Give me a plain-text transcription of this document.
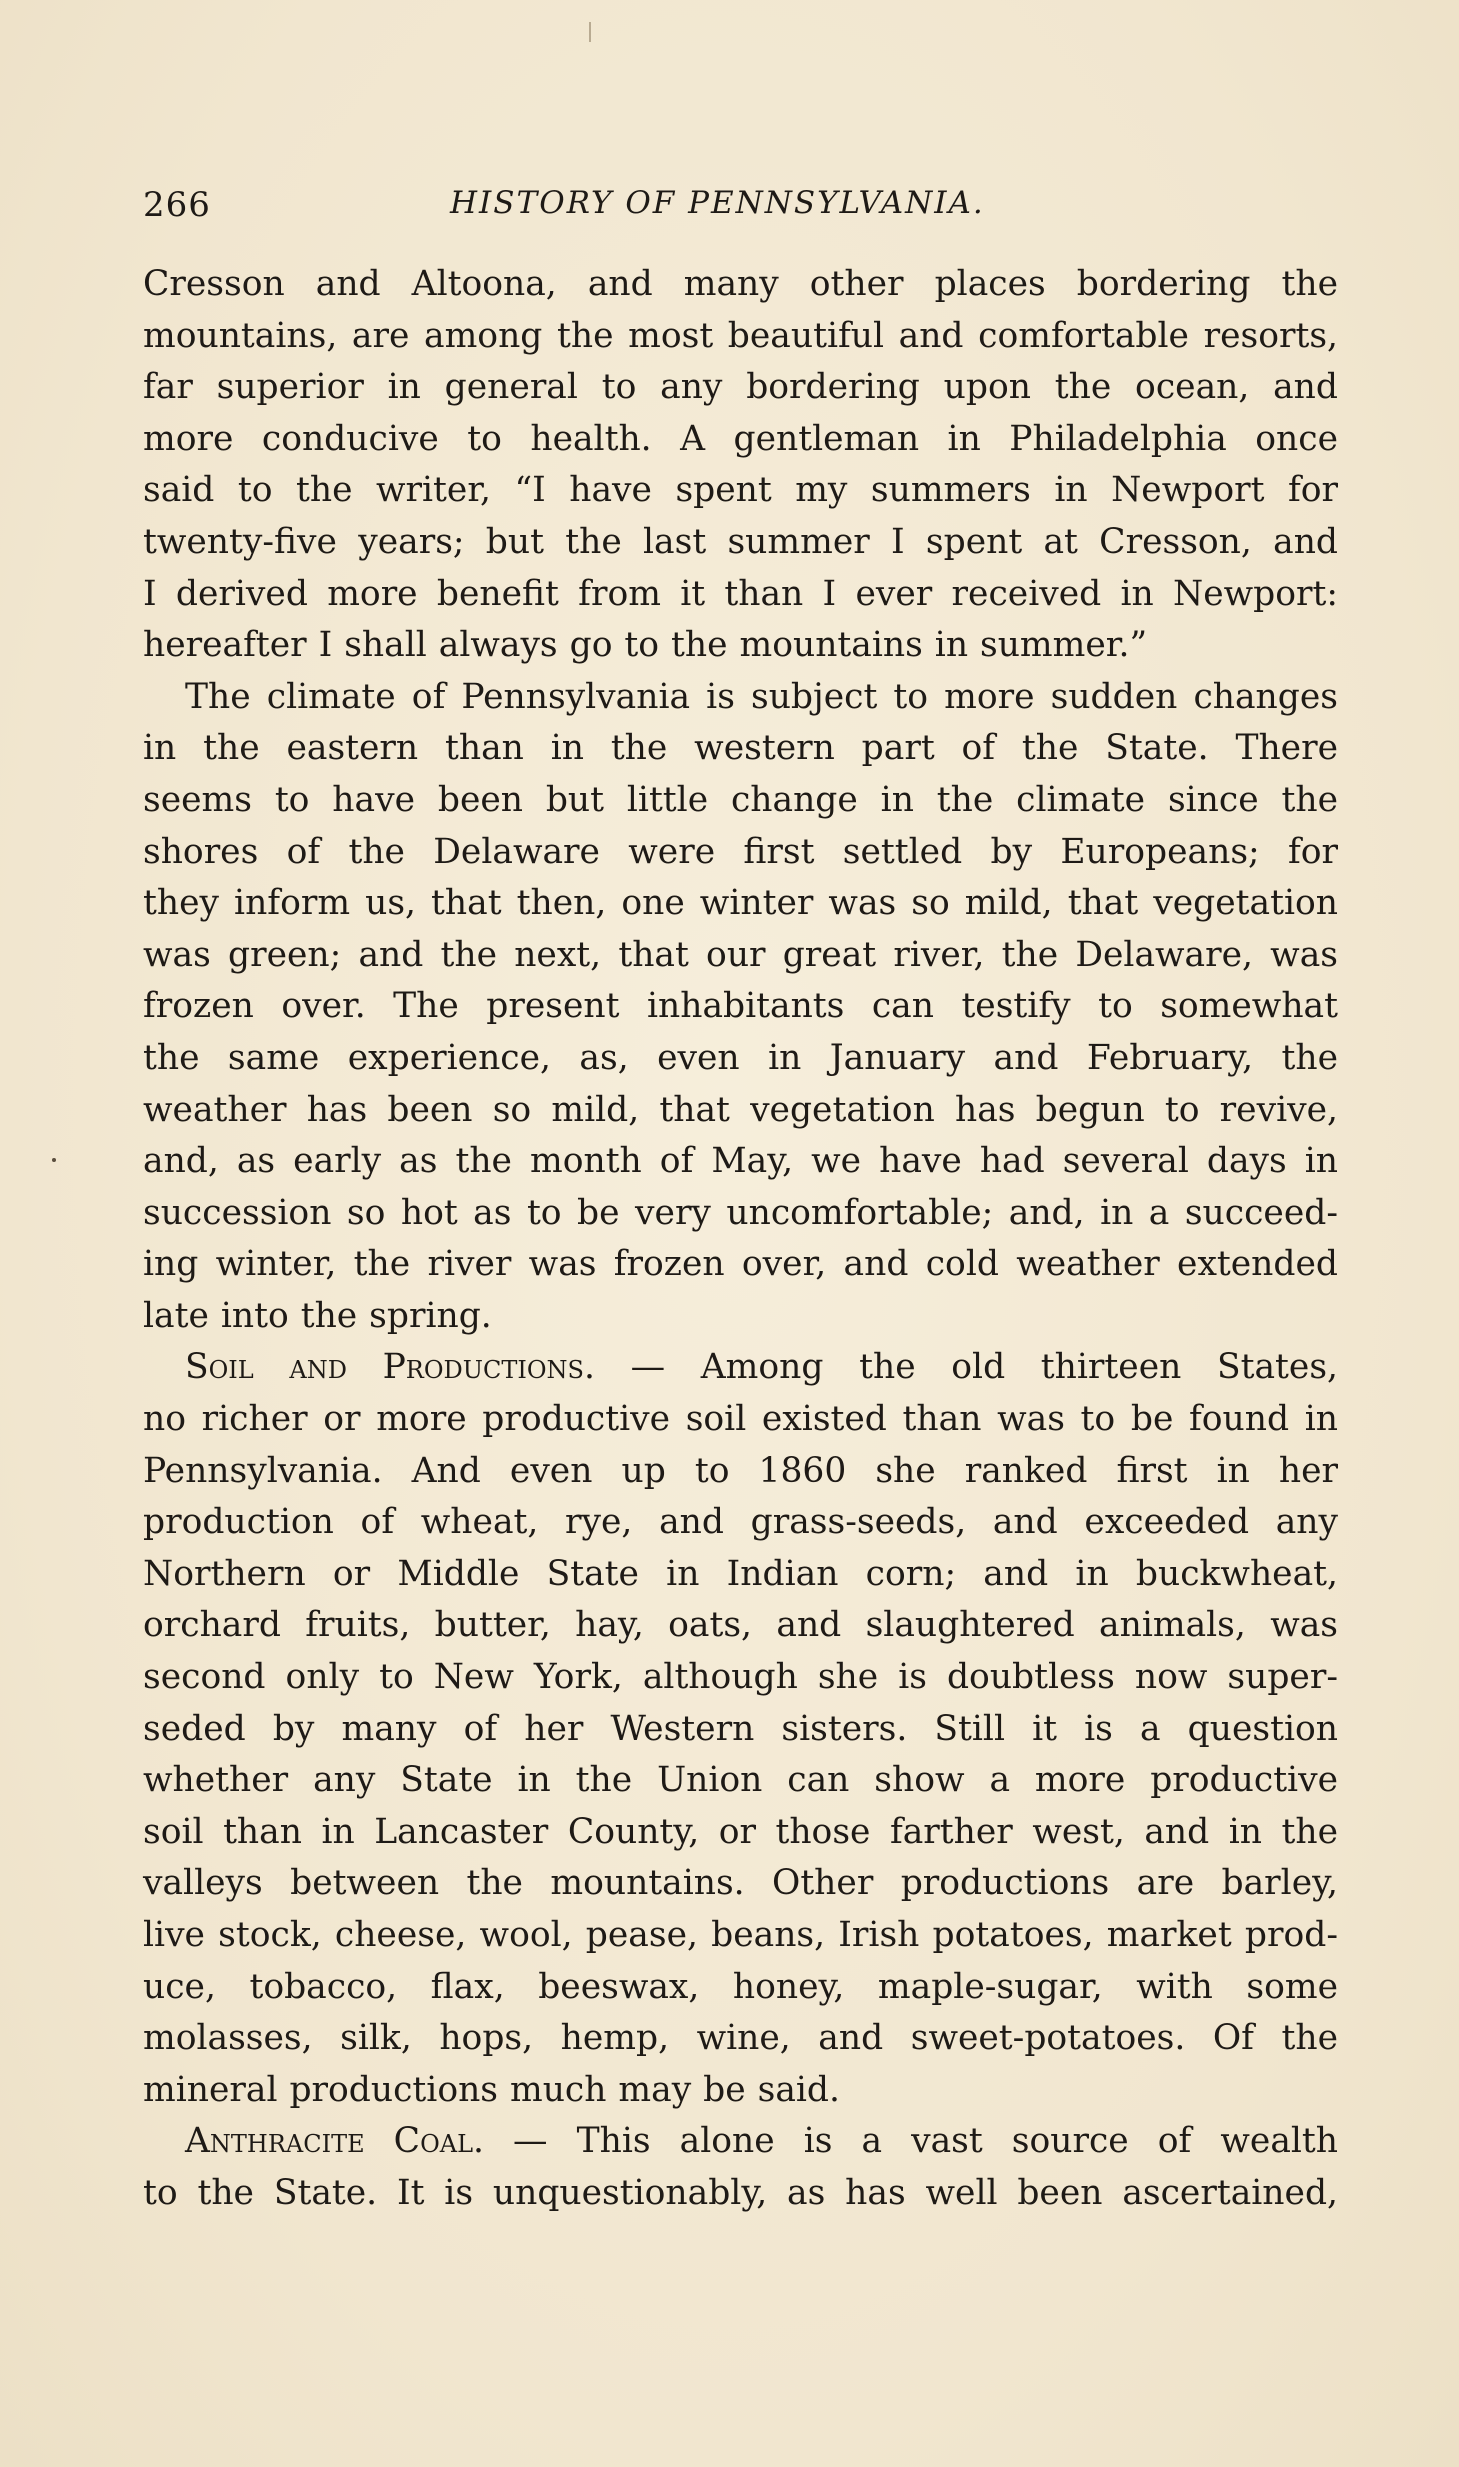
266	HISTORY OF PENNSYLVANIA.
Cresson and Altoona, and many other places bordering the
mountains, are among the most beautiful and comfortable resorts,
far superior in general to any bordering upon the ocean, and
more conducive to health. A gentleman in Philadelphia once
said to the writer, “I have spent my summers in Newport for
twenty-five years; but the last summer I spent at Cresson, and
I derived more benefit from it than I ever received in Newport:
hereafter I shall always go to the mountains in summer.”
The climate of Pennsylvania is subject to more sudden changes
in the eastern than in the western part of the State. There
seems to have been but little change in the climate since the
shores of the Delaware were first settled by Europeans; for
they inform us, that then, one winter was so mild, that vegetation
was green; and the next, that our great river, the Delaware, was
frozen over. The present inhabitants can testify to somewhat
the same experience, as, even in January and February, the
weather has been so mild, that vegetation has begun to revive,
and, as early as the month of May, we have had several days in
succession so hot as to be very uncomfortable; and, in a succeed-
ing winter, the river was frozen over, and cold weather extended
late into the spring.
Soil and Productions. — Among the old thirteen States,
no richer or more productive soil existed than was to be found in
Pennsylvania. And even up to 1860 she ranked first in her
production of wheat, rye, and grass-seeds, and exceeded any
Northern or Middle State in Indian corn; and in buckwheat,
orchard fruits, butter, hay, oats, and slaughtered animals, was
second only to New York, although she is doubtless now super-
seded by many of her Western sisters. Still it is a question
whether any State in the Union can show a more productive
soil than in Lancaster County, or those farther west, and in the
valleys between the mountains. Other productions are barley,
live stock, cheese, wool, pease, beans, Irish potatoes, market prod-
uce, tobacco, flax, beeswax, honey, maple-sugar, with some
molasses, silk, hops, hemp, wine, and sweet-potatoes. Of the
mineral productions much may be said.
Anthracite Coal. — This alone is a vast source of wealth
to the State. It is unquestionably, as has well been ascertained,
